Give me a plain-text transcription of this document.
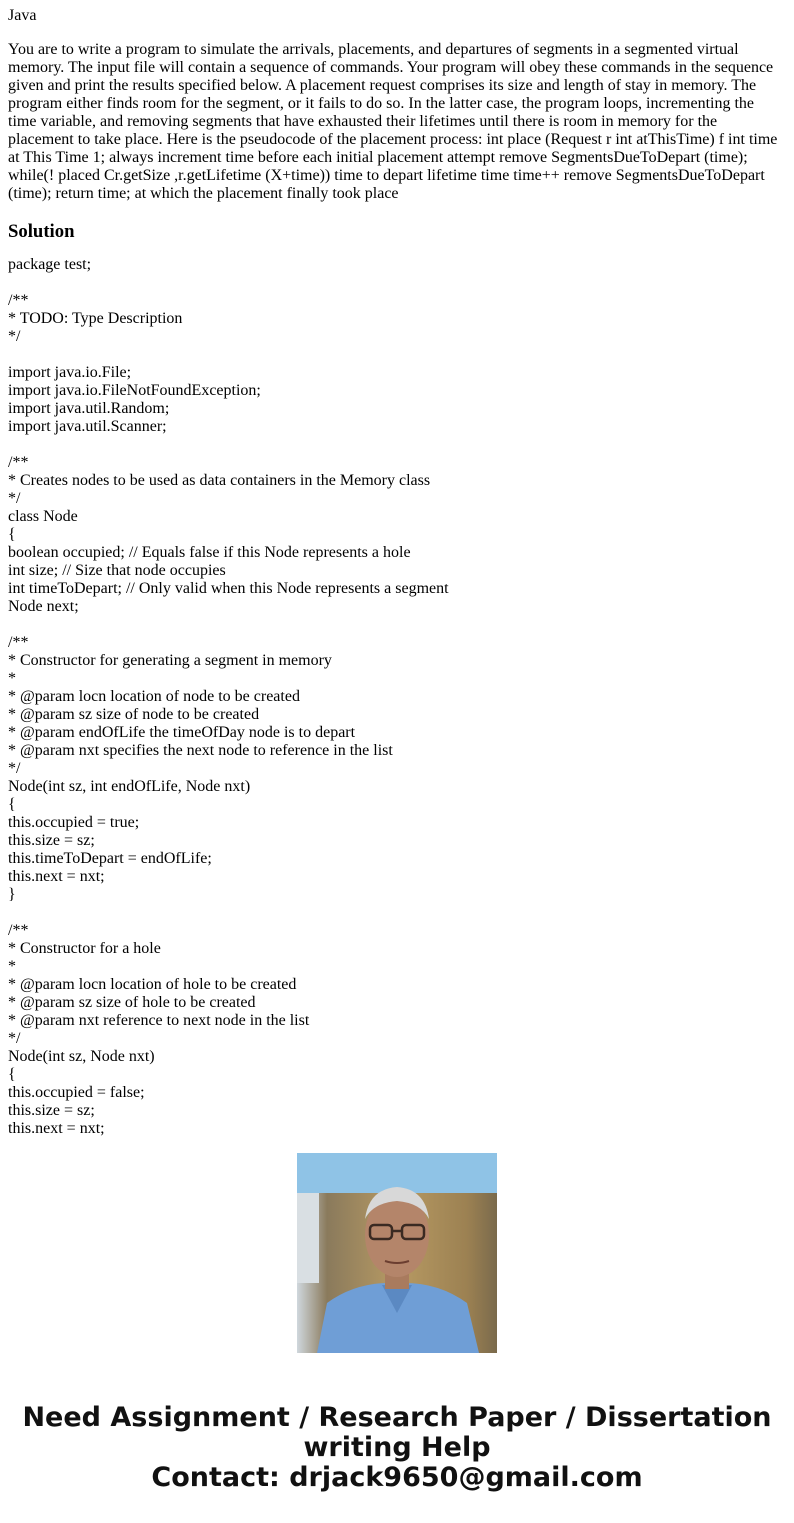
Java

You are to write a program to simulate the arrivals, placements, and departures of segments in a segmented virtual memory. The input file will contain a sequence of commands. Your program will obey these commands in the sequence given and print the results specified below. A placement request comprises its size and length of stay in memory. The program either finds room for the segment, or it fails to do so. In the latter case, the program loops, incrementing the time variable, and removing segments that have exhausted their lifetimes until there is room in memory for the placement to take place. Here is the pseudocode of the placement process: int place (Request r int atThisTime) f int time at This Time 1; always increment time before each initial placement attempt remove SegmentsDueToDepart (time); while(! placed Cr.getSize ,r.getLifetime (X+time)) time to depart lifetime time time++ remove SegmentsDueToDepart (time); return time; at which the placement finally took place

Solution
package test;
/**
* TODO: Type Description
*/
import java.io.File;
import java.io.FileNotFoundException;
import java.util.Random;
import java.util.Scanner;
/**
* Creates nodes to be used as data containers in the Memory class
*/
class Node
{
boolean occupied; // Equals false if this Node represents a hole
int size; // Size that node occupies
int timeToDepart; // Only valid when this Node represents a segment
Node next;
/**
* Constructor for generating a segment in memory
*
* @param locn location of node to be created
* @param sz size of node to be created
* @param endOfLife the timeOfDay node is to depart
* @param nxt specifies the next node to reference in the list
*/
Node(int sz, int endOfLife, Node nxt)
{
this.occupied = true;
this.size = sz;
this.timeToDepart = endOfLife;
this.next = nxt;
}
/**
* Constructor for a hole
*
* @param locn location of hole to be created
* @param sz size of hole to be created
* @param nxt reference to next node in the list
*/
Node(int sz, Node nxt)
{
this.occupied = false;
this.size = sz;
this.next = nxt;
Need Assignment / Research Paper / Dissertation
writing Help
Contact: drjack9650@gmail.com
